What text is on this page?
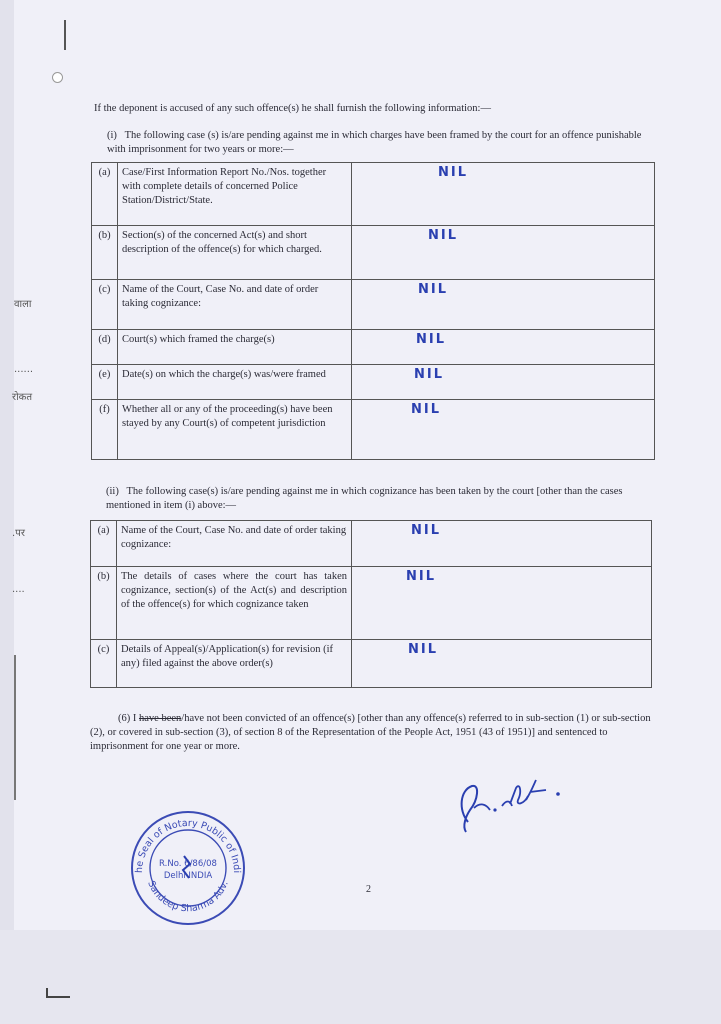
वाला
......
रोकत
.पर
....
If the deponent is accused of any such offence(s) he shall furnish the following information:—
(i) The following case (s) is/are pending against me in which charges have been framed by the court for an offence punishable with imprisonment for two years or more:—
(a)	Case/First Information Report No./Nos. together with complete details of concerned Police Station/District/State.	NIL

(b)	Section(s) of the concerned Act(s) and short description of the offence(s) for which charged.	NIL

(c)	Name of the Court, Case No. and date of order taking cognizance:	NIL

(d)	Court(s) which framed the charge(s)	NIL

(e)	Date(s) on which the charge(s) was/were framed	NIL

(f)	Whether all or any of the proceeding(s) have been stayed by any Court(s) of competent jurisdiction	NIL
(ii) The following case(s) is/are pending against me in which cognizance has been taken by the court [other than the cases mentioned in item (i) above:—
(a)	Name of the Court, Case No. and date of order taking cognizance:	NIL

(b)	The details of cases where the court has taken cognizance, section(s) of the Act(s) and description of the offence(s) for which cognizance taken	NIL

(c)	Details of Appeal(s)/Application(s) for revision (if any) filed against the above order(s)	NIL
(6) I have been/have not been convicted of an offence(s) [other than any offence(s) referred to in sub-section (1) or sub-section (2), or covered in sub-section (3), of section 8 of the Representation of the People Act, 1951 (43 of 1951)] and sentenced to imprisonment for one year or more.
he Seal of Notary Public of Indi
Sandeep Sharma Adv.
R.No. 6/86/08
Delhi INDIA
2
